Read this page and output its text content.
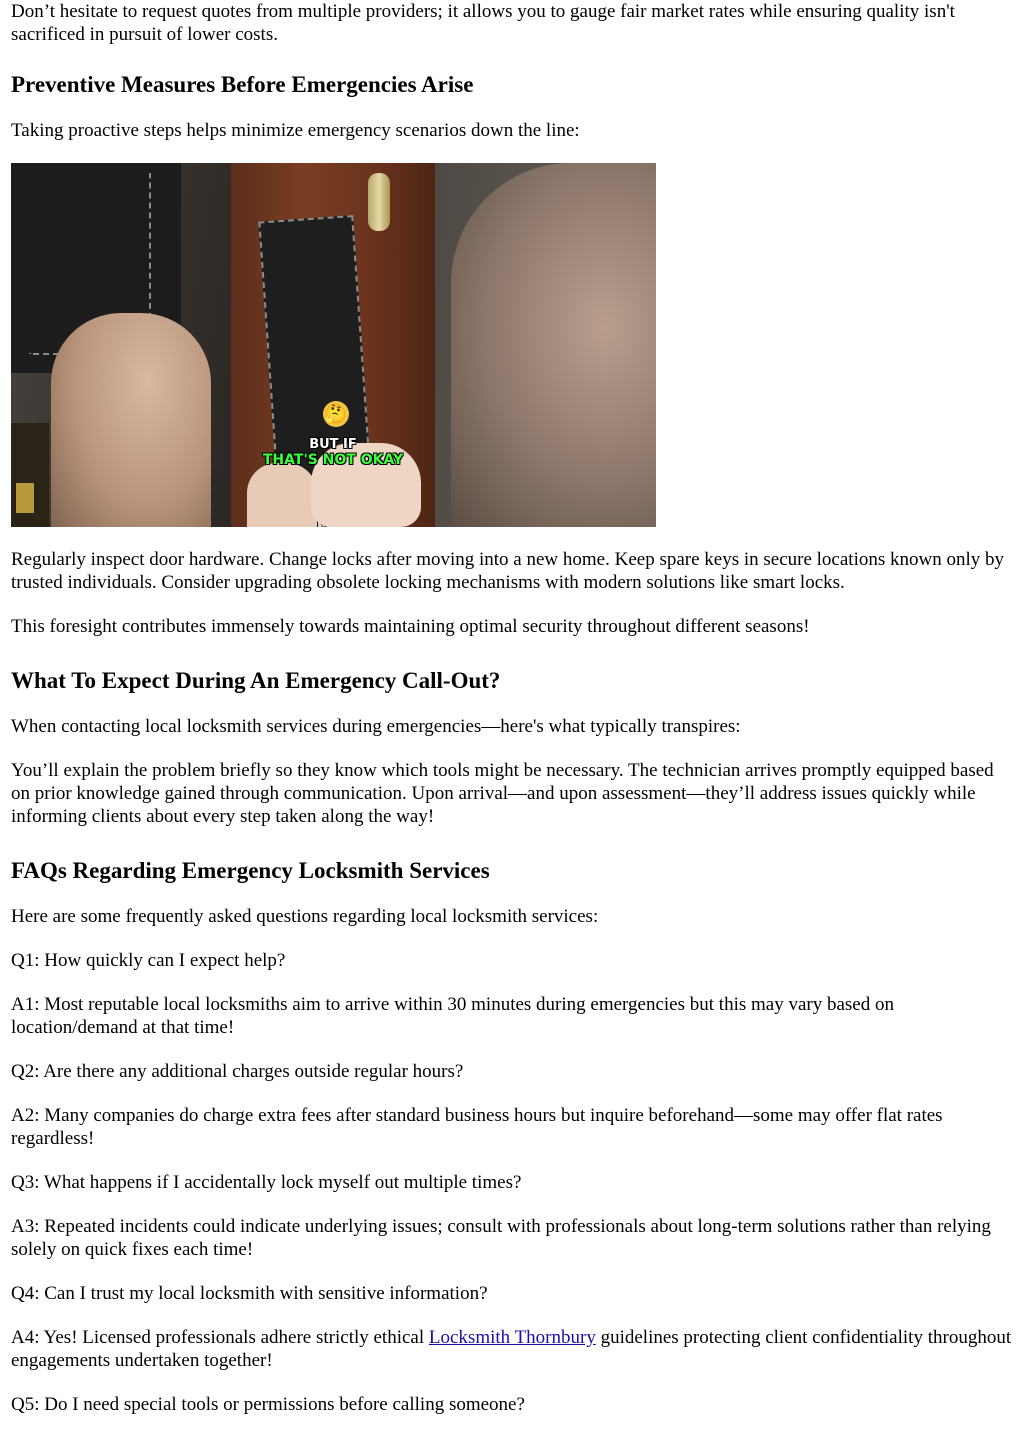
Don’t hesitate to request quotes from multiple providers; it allows you to gauge fair market rates while ensuring quality isn't sacrificed in pursuit of lower costs.

Preventive Measures Before Emergencies Arise

Taking proactive steps helps minimize emergency scenarios down the line:

🤔
BUT IF
THAT'S NOT OKAY

Regularly inspect door hardware. Change locks after moving into a new home. Keep spare keys in secure locations known only by trusted individuals. Consider upgrading obsolete locking mechanisms with modern solutions like smart locks.

This foresight contributes immensely towards maintaining optimal security throughout different seasons!

What To Expect During An Emergency Call-Out?

When contacting local locksmith services during emergencies—here's what typically transpires:

You’ll explain the problem briefly so they know which tools might be necessary. The technician arrives promptly equipped based on prior knowledge gained through communication. Upon arrival—and upon assessment—they’ll address issues quickly while informing clients about every step taken along the way!

FAQs Regarding Emergency Locksmith Services

Here are some frequently asked questions regarding local locksmith services:

Q1: How quickly can I expect help?

A1: Most reputable local locksmiths aim to arrive within 30 minutes during emergencies but this may vary based on location/demand at that time!

Q2: Are there any additional charges outside regular hours?

A2: Many companies do charge extra fees after standard business hours but inquire beforehand—some may offer flat rates regardless!

Q3: What happens if I accidentally lock myself out multiple times?

A3: Repeated incidents could indicate underlying issues; consult with professionals about long-term solutions rather than relying solely on quick fixes each time!

Q4: Can I trust my local locksmith with sensitive information?

A4: Yes! Licensed professionals adhere strictly ethical Locksmith Thornbury guidelines protecting client confidentiality throughout engagements undertaken together!

Q5: Do I need special tools or permissions before calling someone?
